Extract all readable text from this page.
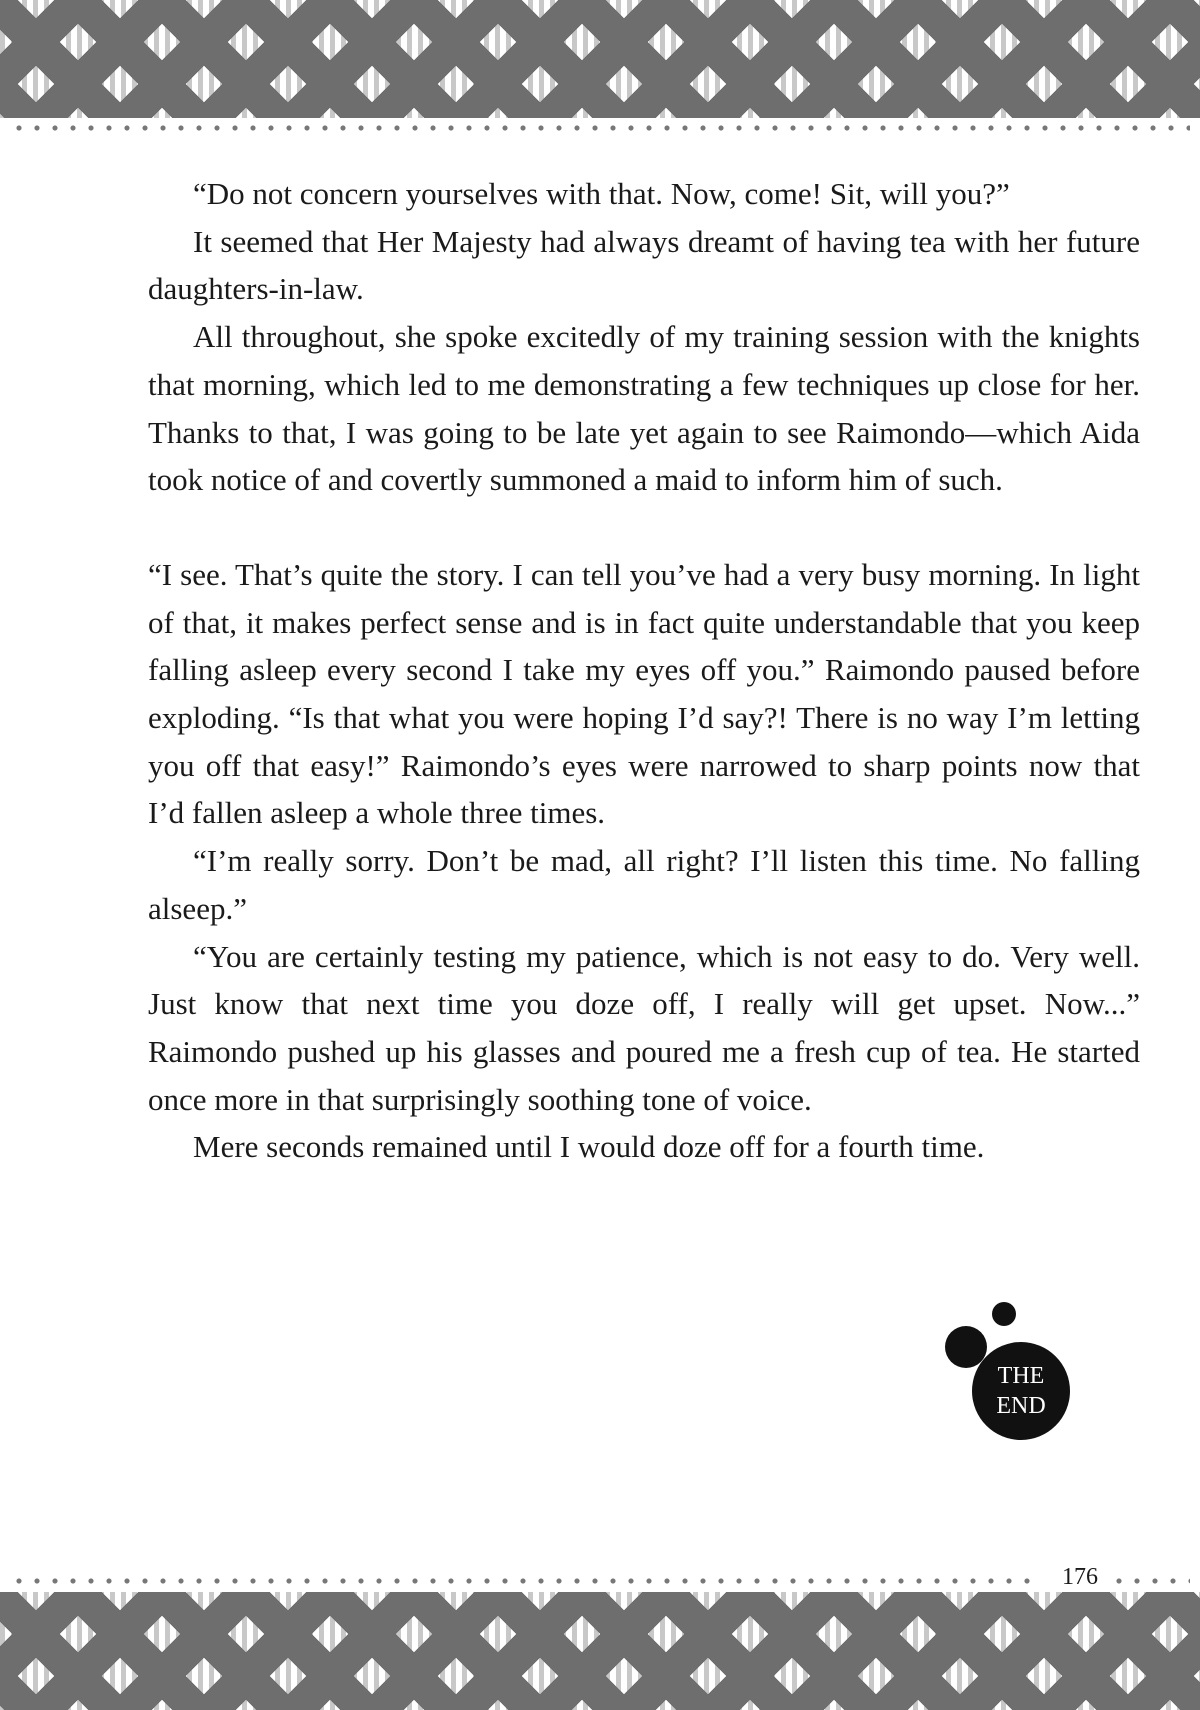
“Do not concern yourselves with that. Now, come! Sit, will you?”

It seemed that Her Majesty had always dreamt of having tea with her future daughters-in-law.

All throughout, she spoke excitedly of my training session with the knights that morning, which led to me demonstrating a few techniques up close for her. Thanks to that, I was going to be late yet again to see Raimondo—which Aida took notice of and covertly summoned a maid to inform him of such.

“I see. That’s quite the story. I can tell you’ve had a very busy morning. In light of that, it makes perfect sense and is in fact quite understandable that you keep falling asleep every second I take my eyes off you.” Raimondo paused before exploding. “Is that what you were hoping I’d say?! There is no way I’m letting you off that easy!” Raimondo’s eyes were narrowed to sharp points now that I’d fallen asleep a whole three times.

“I’m really sorry. Don’t be mad, all right? I’ll listen this time. No falling alseep.”

“You are certainly testing my patience, which is not easy to do. Very well. Just know that next time you doze off, I really will get upset. Now...” Raimondo pushed up his glasses and poured me a fresh cup of tea. He started once more in that surprisingly soothing tone of voice.

Mere seconds remained until I would doze off for a fourth time.

THE
END
176
